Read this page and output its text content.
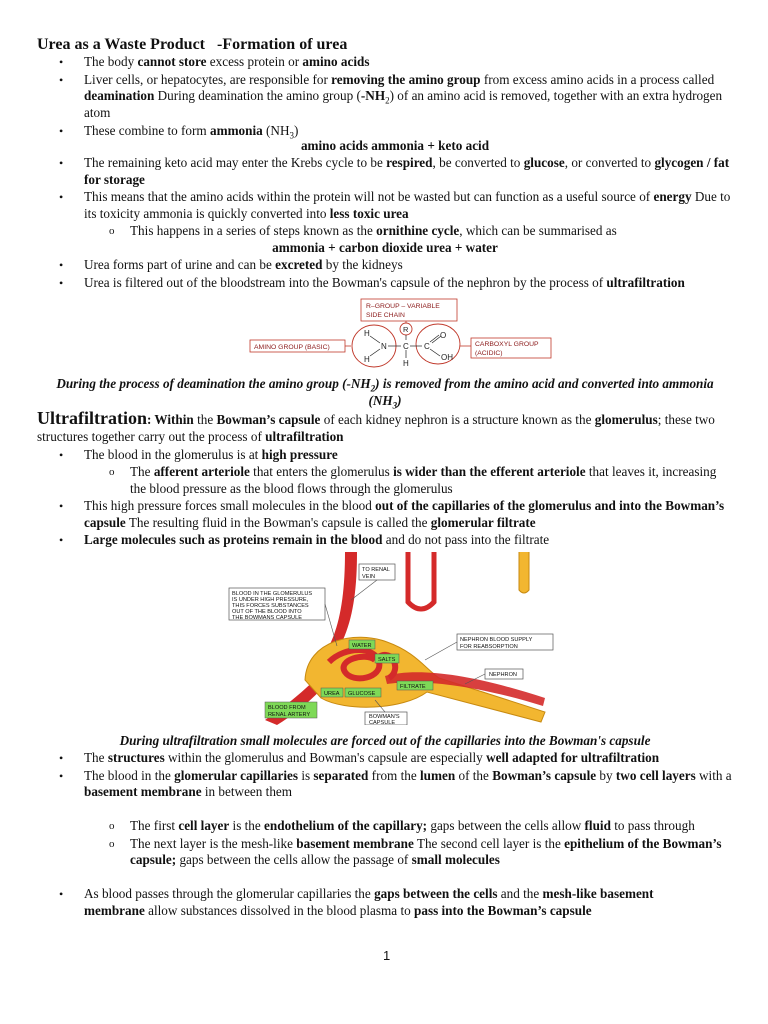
Urea as a Waste Product   -Formation of urea
• The body cannot store excess protein or amino acids
• Liver cells, or hepatocytes, are responsible for removing the amino group from excess amino acids in a process called deamination During deamination the amino group $(-NH_2)$ of an amino acid is removed, together with an extra hydrogen atom
• These combine to form ammonia $(NH_3)$
amino acids ammonia + keto acid
• The remaining keto acid may enter the Krebs cycle to be respired, be converted to glucose, or converted to glycogen / fat for storage
• This means that the amino acids within the protein will not be wasted but can function as a useful source of energy Due to its toxicity ammonia is quickly converted into less toxic urea
o This happens in a series of steps known as the ornithine cycle, which can be summarised as
ammonia + carbon dioxide urea + water
• Urea forms part of urine and can be excreted by the kidneys
• Urea is filtered out of the bloodstream into the Bowman's capsule of the nephron by the process of ultrafiltration
R–GROUP – VARIABLE
SIDE CHAIN
AMINO GROUP (BASIC)	CARBOXYL GROUP
(ACIDIC)
H
H
N C
R
H
C
O
OH
During the process of deamination the amino group $(-NH_2)$ is removed from the amino acid and converted into ammonia $(NH_3)$
Ultrafiltration: Within the Bowman’s capsule of each kidney nephron is a structure known as the glomerulus; these two structures together carry out the process of ultrafiltration
• The blood in the glomerulus is at high pressure
o The afferent arteriole that enters the glomerulus is wider than the efferent arteriole that leaves it, increasing the blood pressure as the blood flows through the glomerulus
• This high pressure forces small molecules in the blood out of the capillaries of the glomerulus and into the Bowman’s capsule The resulting fluid in the Bowman's capsule is called the glomerular filtrate
• Large molecules such as proteins remain in the blood and do not pass into the filtrate
BLOOD IN THE GLOMERULUS
IS UNDER HIGH PRESSURE,
THIS FORCES SUBSTANCES
OUT OF THE BLOOD INTO
THE BOWMANS CAPSULE
TO RENAL
VEIN
NEPHRON BLOOD SUPPLY
FOR REABSORPTION
NEPHRON
WATER
SALTS
FILTRATE
UREA GLUCOSE
BLOOD FROM
RENAL ARTERY	BOWMAN'S
CAPSULE
During ultrafiltration small molecules are forced out of the capillaries into the Bowman's capsule
• The structures within the glomerulus and Bowman's capsule are especially well adapted for ultrafiltration
• The blood in the glomerular capillaries is separated from the lumen of the Bowman’s capsule by two cell layers with a basement membrane in between them
o The first cell layer is the endothelium of the capillary; gaps between the cells allow fluid to pass through
o The next layer is the mesh-like basement membrane The second cell layer is the epithelium of the Bowman’s capsule; gaps between the cells allow the passage of small molecules
• As blood passes through the glomerular capillaries the gaps between the cells and the mesh-like basement membrane allow substances dissolved in the blood plasma to pass into the Bowman’s capsule
1
